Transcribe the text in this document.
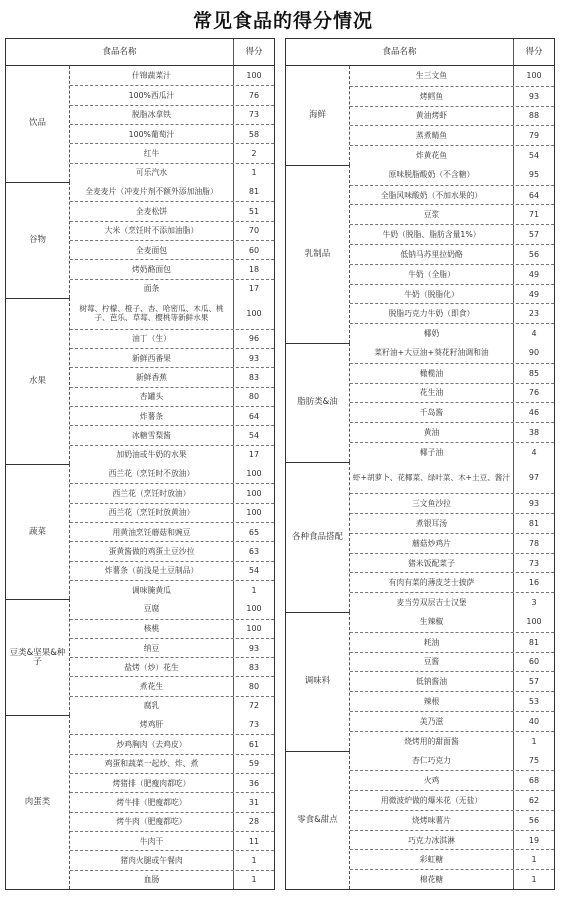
常见食品的得分情况
食品名称	得分
饮品
什锦蔬菜汁	100
100%西瓜汁	76
脱脂冰拿铁	73
100%葡萄汁	58
红牛	2
可乐汽水	1
谷物
全麦麦片（冲麦片剂不额外添加油脂）	81
全麦松饼	51
大米（烹饪时不添加油脂）	70
全麦面包	60
烤奶酪面包	18
面条	17
水果
树莓、柠檬、橙子、杏、哈密瓜、木瓜、桃子、芭乐、草莓、樱桃等新鲜水果	100
油丁（生）	96
新鲜西番果	93
新鲜香蕉	83
杏罐头	80
炸薯条	64
冰糖雪梨酱	54
加奶油或牛奶的水果	17
蔬菜
西兰花（烹饪时不放油）	100
西兰花（烹饪时放油）	100
西兰花（烹饪时放黄油）	100
用黄油烹饪蘑菇和豌豆	65
蛋黄酱做的鸡蛋土豆沙拉	63
炸薯条（前浅是土豆制品）	54
调味腌黄瓜	1
豆类&坚果&种子
豆腐	100
核桃	100
纳豆	93
盐烤（炒）花生	83
煮花生	80
腐乳	72
肉蛋类
烤鸡肝	73
炒鸡胸肉（去鸡皮）	61
鸡蛋和蔬菜一起炒、炸、煮	59
烤猪排（肥瘦肉都吃）	36
烤牛排（肥瘦都吃）	31
烤牛肉（肥瘦都吃）	28
牛肉干	11
猪肉火腿或午餐肉	1
血肠	1
食品名称	得分
海鲜
生三文鱼	100
烤鳕鱼	93
黄油烤虾	88
蒸煮鲭鱼	79
炸黄花鱼	54
乳制品
原味脱脂酸奶（不含糖）	95
全脂风味酸奶（不加水果的）	64
豆浆	71
牛奶（脱脂、脂肪含量1%）	57
低钠马苏里拉奶酪	56
牛奶（全脂）	49
牛奶（脱脂化）	49
脱脂巧克力牛奶（即食）	23
椰奶	4
脂肪类&油
菜籽油+大豆油+葵花籽油调和油	90
橄榄油	85
花生油	76
千岛酱	46
黄油	38
椰子油	4
各种食品搭配
虾+胡萝卜、花椰菜、绿叶菜、木+土豆、酱汁	97
三文鱼沙拉	93
煮银耳汤	81
蘑菇炒鸡片	78
猪米饭配菜子	73
有肉有菜的薄皮芝士披萨	16
麦当劳双层吉士汉堡	3
调味料
生辣椒	100
耗油	81
豆酱	60
低钠酱油	57
辣根	53
美乃滋	40
烧烤用的甜面酱	1
零食&甜点
杏仁巧克力	75
火鸡	68
用微波炉做的爆米花（无盐）	62
烧烤味薯片	56
巧克力冰淇淋	19
彩虹糖	1
棉花糖	1
